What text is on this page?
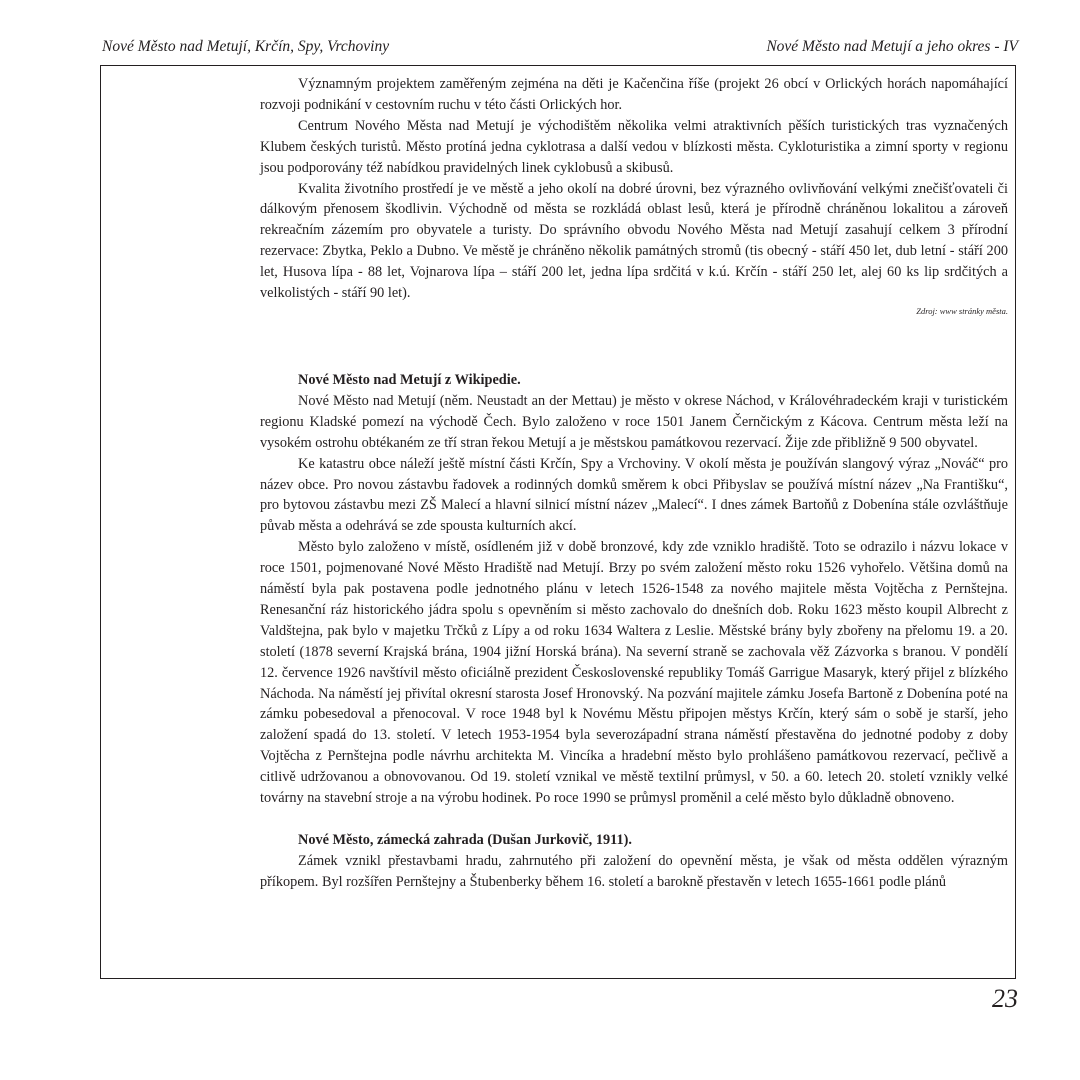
Nové Město nad Metují, Krčín, Spy, Vrchoviny	Nové Město nad Metují a jeho okres - IV

Významným projektem zaměřeným zejména na děti je Kačenčina říše (projekt 26 obcí v Orlických horách napomáhající rozvoji podnikání v cestovním ruchu v této části Orlických hor.

Centrum Nového Města nad Metují je východištěm několika velmi atraktivních pěších turistických tras vyznačených Klubem českých turistů. Město protíná jedna cyklotrasa a další vedou v blízkosti města. Cykloturistika a zimní sporty v regionu jsou podporovány též nabídkou pravidelných linek cyklobusů a skibusů.

Kvalita životního prostředí je ve městě a jeho okolí na dobré úrovni, bez výrazného ovlivňování velkými znečišťovateli či dálkovým přenosem škodlivin. Východně od města se rozkládá oblast lesů, která je přírodně chráněnou lokalitou a zároveň rekreačním zázemím pro obyvatele a turisty. Do správního obvodu Nového Města nad Metují zasahují celkem 3 přírodní rezervace: Zbytka, Peklo a Dubno. Ve městě je chráněno několik památných stromů (tis obecný - stáří 450 let, dub letní - stáří 200 let, Husova lípa - 88 let, Vojnarova lípa – stáří 200 let, jedna lípa srdčitá v k.ú. Krčín - stáří 250 let, alej 60 ks lip srdčitých a velkolistých - stáří 90 let).

Zdroj: www stránky města.

Nové Město nad Metují z Wikipedie.

Nové Město nad Metují (něm. Neustadt an der Mettau) je město v okrese Náchod, v Královéhradeckém kraji v turistickém regionu Kladské pomezí na východě Čech. Bylo založeno v roce 1501 Janem Černčickým z Kácova. Centrum města leží na vysokém ostrohu obtékaném ze tří stran řekou Metují a je městskou památkovou rezervací. Žije zde přibližně 9 500 obyvatel.

Ke katastru obce náleží ještě místní části Krčín, Spy a Vrchoviny. V okolí města je používán slangový výraz „Nováč“ pro název obce. Pro novou zástavbu řadovek a rodinných domků směrem k obci Přibyslav se používá místní název „Na Františku“, pro bytovou zástavbu mezi ZŠ Malecí a hlavní silnicí místní název „Malecí“. I dnes zámek Bartoňů z Dobenína stále ozvláštňuje půvab města a odehrává se zde spousta kulturních akcí.

Město bylo založeno v místě, osídleném již v době bronzové, kdy zde vzniklo hradiště. Toto se odrazilo i názvu lokace v roce 1501, pojmenované Nové Město Hradiště nad Metují. Brzy po svém založení město roku 1526 vyhořelo. Většina domů na náměstí byla pak postavena podle jednotného plánu v letech 1526-1548 za nového majitele města Vojtěcha z Pernštejna. Renesanční ráz historického jádra spolu s opevněním si město zachovalo do dnešních dob. Roku 1623 město koupil Albrecht z Valdštejna, pak bylo v majetku Trčků z Lípy a od roku 1634 Waltera z Leslie. Městské brány byly zbořeny na přelomu 19. a 20. století (1878 severní Krajská brána, 1904 jižní Horská brána). Na severní straně se zachovala věž Zázvorka s branou. V pondělí 12. července 1926 navštívil město oficiálně prezident Československé republiky Tomáš Garrigue Masaryk, který přijel z blízkého Náchoda. Na náměstí jej přivítal okresní starosta Josef Hronovský. Na pozvání majitele zámku Josefa Bartoně z Dobenína poté na zámku pobesedoval a přenocoval. V roce 1948 byl k Novému Městu připojen městys Krčín, který sám o sobě je starší, jeho založení spadá do 13. století. V letech 1953-1954 byla severozápadní strana náměstí přestavěna do jednotné podoby z doby Vojtěcha z Pernštejna podle návrhu architekta M. Vincíka a hradební město bylo prohlášeno památkovou rezervací, pečlivě a citlivě udržovanou a obnovovanou. Od 19. století vznikal ve městě textilní průmysl, v 50. a 60. letech 20. století vznikly velké továrny na stavební stroje a na výrobu hodinek. Po roce 1990 se průmysl proměnil a celé město bylo důkladně obnoveno.

Nové Město, zámecká zahrada (Dušan Jurkovič, 1911).

Zámek vznikl přestavbami hradu, zahrnutého při založení do opevnění města, je však od města oddělen výrazným příkopem. Byl rozšířen Pernštejny a Štubenberky během 16. století a barokně přestavěn v letech 1655-1661 podle plánů

23
